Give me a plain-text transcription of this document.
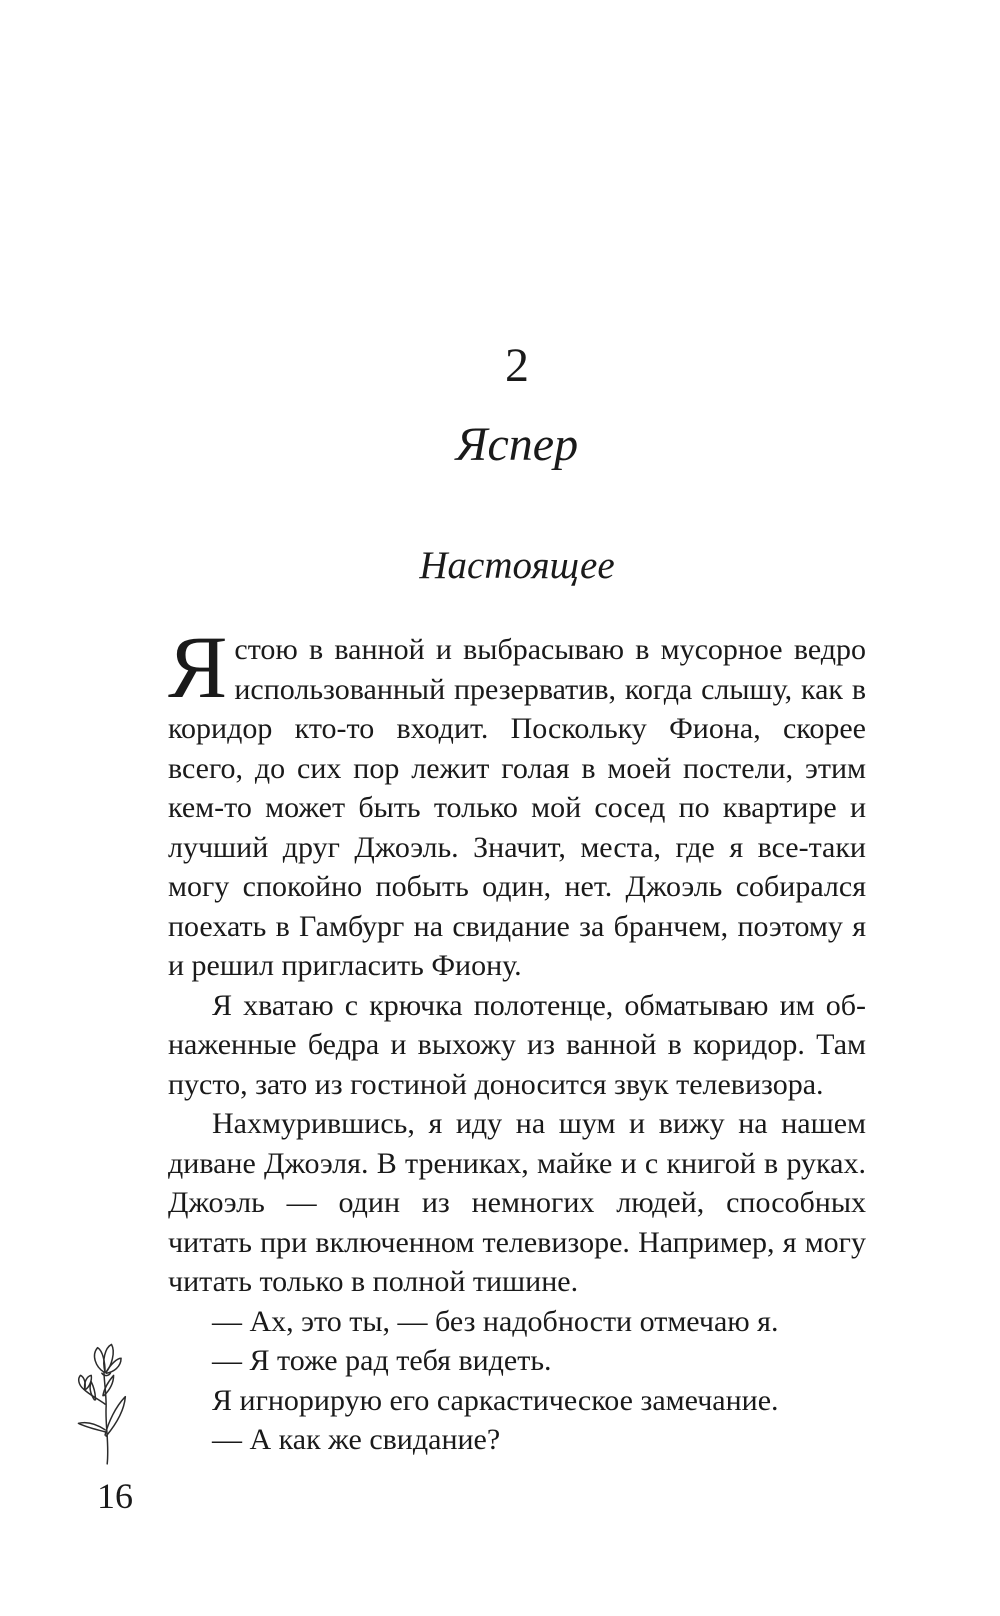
2
Яспер
Настоящее

Ястою в ванной и выбрасываю в мусорное ведро использованный презерватив, когда слышу, как в коридор кто-то входит. Поскольку Фиона, скорее всего, до сих пор лежит голая в моей постели, этим кем-то может быть только мой сосед по квартире и лучший друг Джоэль. Значит, места, где я все-таки могу спокойно побыть один, нет. Джоэль собирался поехать в Гамбург на свидание за бранчем, поэтому я и решил пригласить Фиону.

Я хватаю с крючка полотенце, обматываю им обнаженные бедра и выхожу из ванной в коридор. Там пусто, зато из гостиной доносится звук телевизора.

Нахмурившись, я иду на шум и вижу на нашем диване Джоэля. В трениках, майке и с книгой в руках. Джоэль — один из немногих людей, способных читать при включенном телевизоре. Например, я могу читать только в полной тишине.

— Ах, это ты, — без надобности отмечаю я.

— Я тоже рад тебя видеть.

Я игнорирую его саркастическое замечание.

— А как же свидание?

16
